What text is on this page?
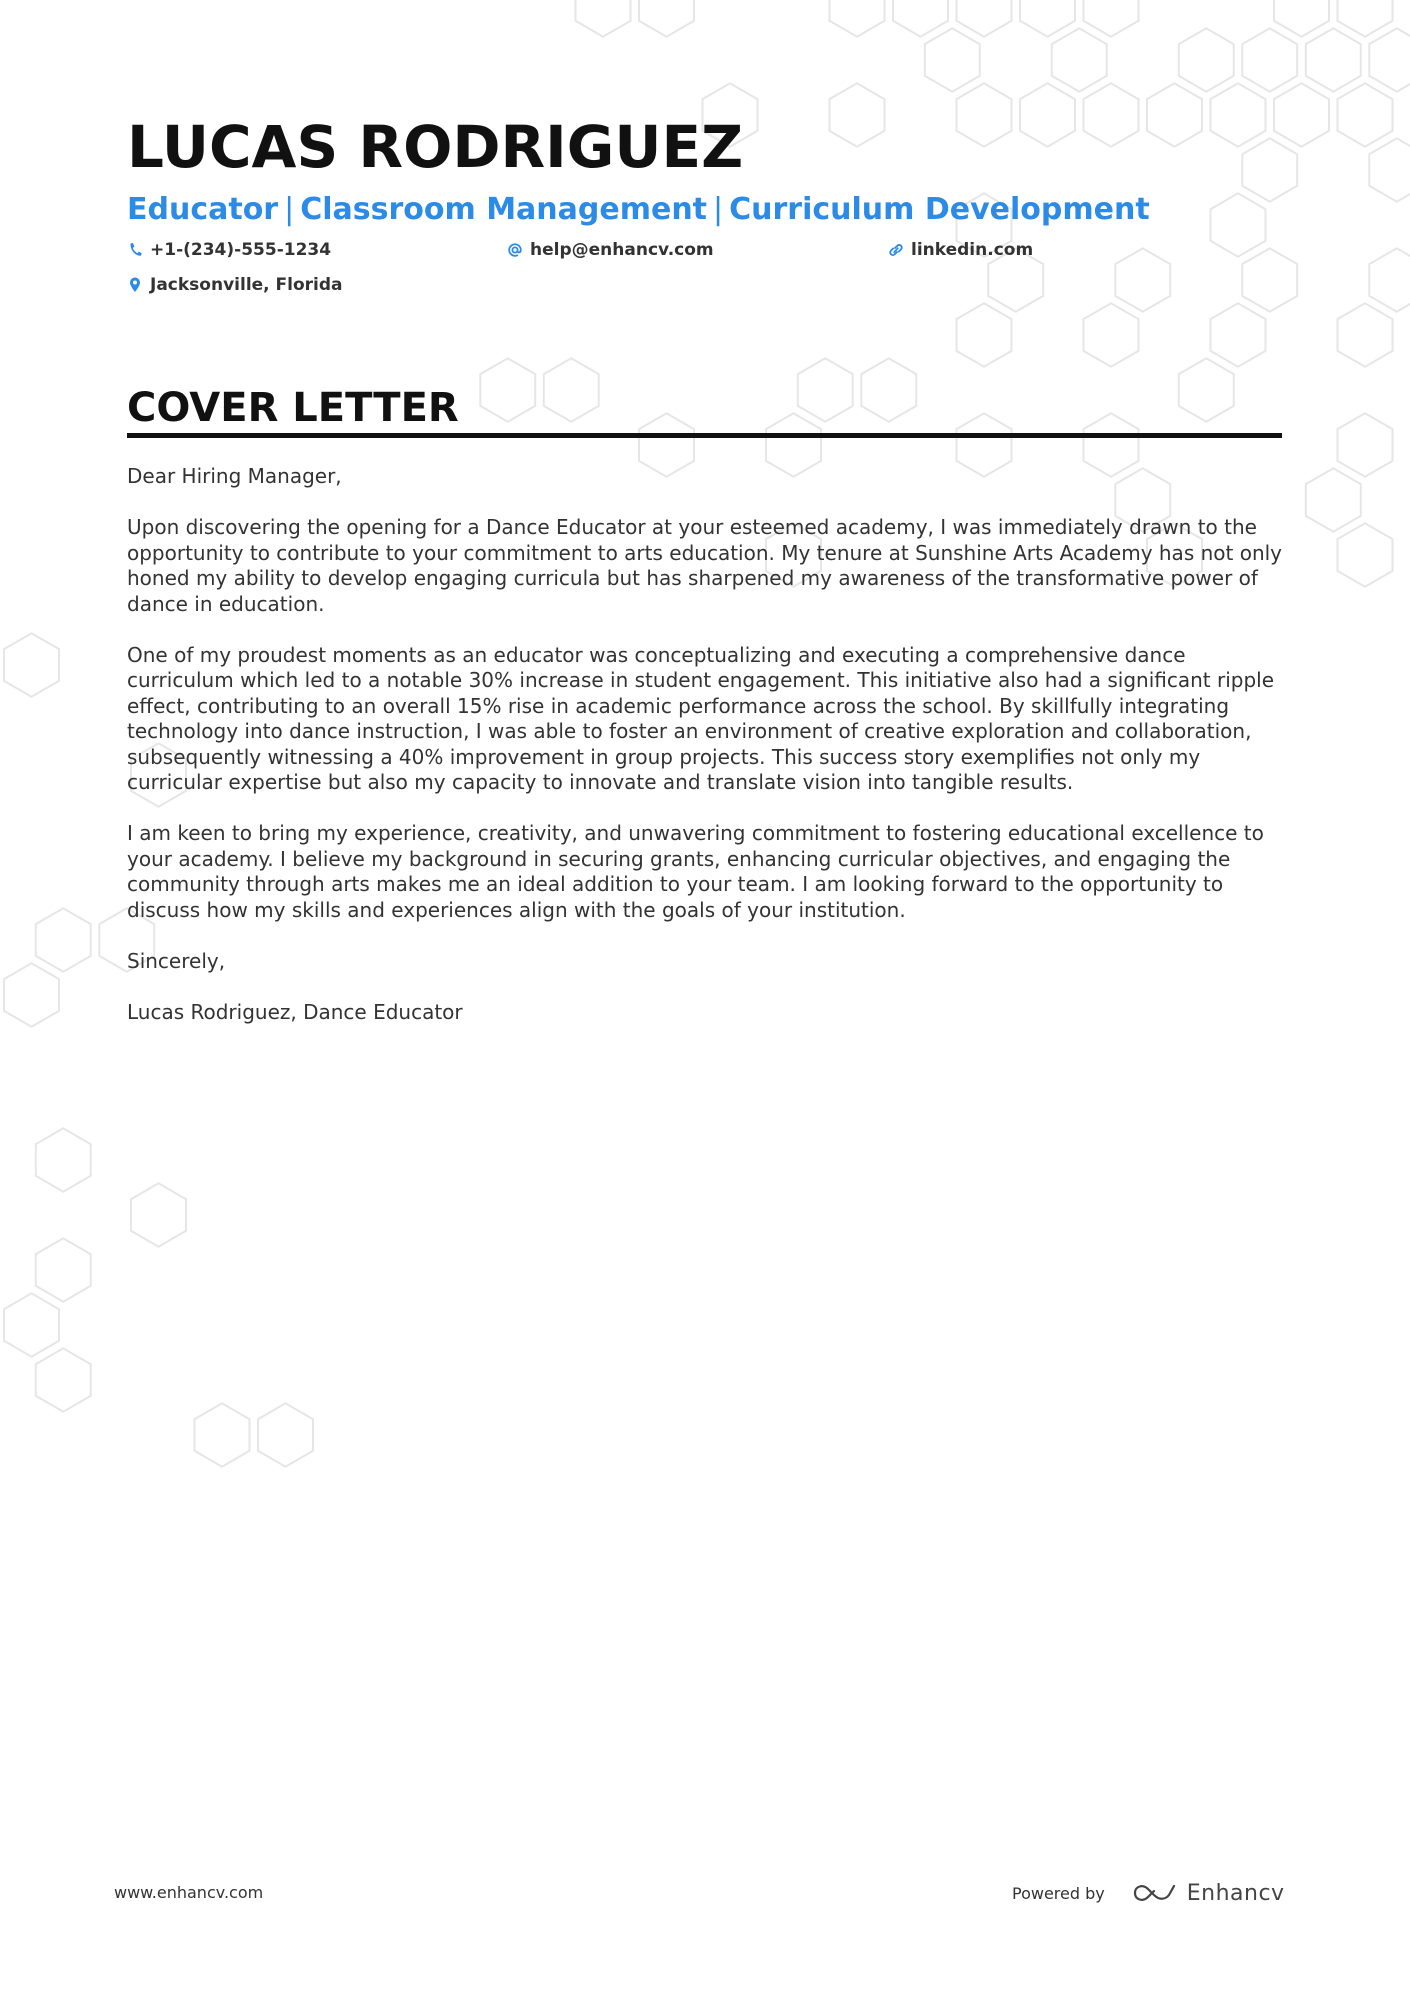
LUCAS RODRIGUEZ
Educator | Classroom Management | Curriculum Development
+1-(234)-555-1234	help@enhancv.com	linkedin.com
Jacksonville, Florida
COVER LETTER

Dear Hiring Manager,

Upon discovering the opening for a Dance Educator at your esteemed academy, I was immediately drawn to the opportunity to contribute to your commitment to arts education. My tenure at Sunshine Arts Academy has not only honed my ability to develop engaging curricula but has sharpened my awareness of the transformative power of dance in education.

One of my proudest moments as an educator was conceptualizing and executing a comprehensive dance curriculum which led to a notable 30% increase in student engagement. This initiative also had a significant ripple effect, contributing to an overall 15% rise in academic performance across the school. By skillfully integrating technology into dance instruction, I was able to foster an environment of creative exploration and collaboration, subsequently witnessing a 40% improvement in group projects. This success story exemplifies not only my curricular expertise but also my capacity to innovate and translate vision into tangible results.

I am keen to bring my experience, creativity, and unwavering commitment to fostering educational excellence to your academy. I believe my background in securing grants, enhancing curricular objectives, and engaging the community through arts makes me an ideal addition to your team. I am looking forward to the opportunity to discuss how my skills and experiences align with the goals of your institution.

Sincerely,

Lucas Rodriguez, Dance Educator

www.enhancv.com	Powered by	Enhancv
